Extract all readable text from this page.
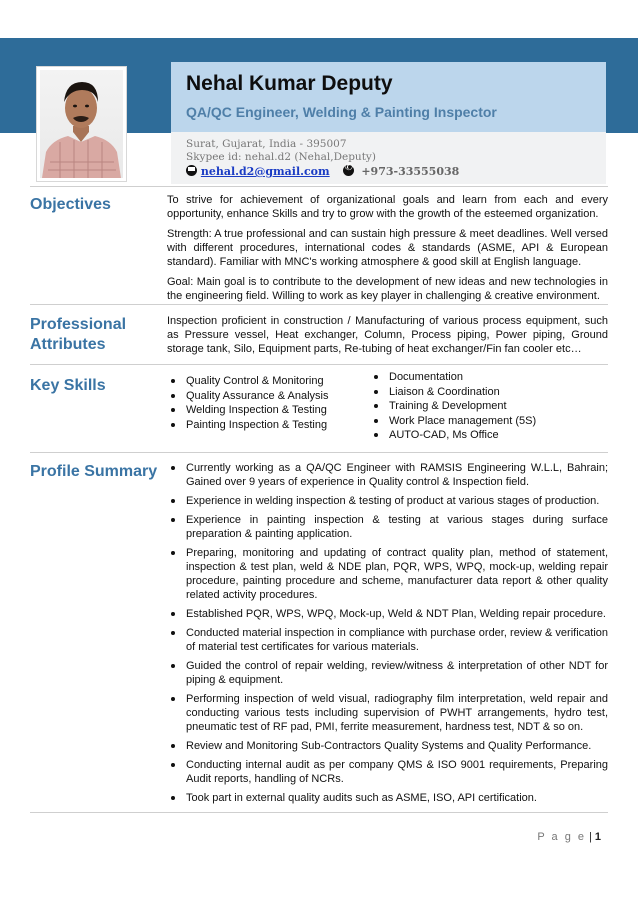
Nehal Kumar Deputy
QA/QC Engineer, Welding & Painting Inspector
Surat, Gujarat, India - 395007
Skypee id: nehal.d2 (Nehal,Deputy)
nehal.d2@gmail.com ✆	+973-33555038
Objectives	To strive for achievement of organizational goals and learn from each and every opportunity, enhance Skills and try to grow with the growth of the esteemed organization.

Strength: A true professional and can sustain high pressure & meet deadlines. Well versed with different procedures, international codes & standards (ASME, API & European standard). Familiar with MNC's working atmosphere & good skill at English language.

Goal: Main goal is to contribute to the development of new ideas and new technologies in the engineering field. Willing to work as key player in challenging & creative environment.

Professional
Attributes
Inspection proficient in construction / Manufacturing of various process equipment, such as Pressure vessel, Heat exchanger, Column, Process piping, Power piping, Ground storage tank, Silo, Equipment parts, Re-tubing of heat exchanger/Fin fan cooler etc…
Key Skills	Quality Control & Monitoring
Quality Assurance & Analysis
Welding Inspection & Testing
Painting Inspection & Testing
Documentation
Liaison & Coordination
Training & Development
Work Place management (5S)
AUTO-CAD, Ms Office
Profile Summary	Currently working as a QA/QC Engineer with RAMSIS Engineering W.L.L, Bahrain; Gained over 9 years of experience in Quality control & Inspection field.
Experience in welding inspection & testing of product at various stages of production.
Experience in painting inspection & testing at various stages during surface preparation & painting application.
Preparing, monitoring and updating of contract quality plan, method of statement, inspection & test plan, weld & NDE plan, PQR, WPS, WPQ, mock-up, welding repair procedure, painting procedure and scheme, manufacturer data report & other quality related activity procedures.
Established PQR, WPS, WPQ, Mock-up, Weld & NDT Plan, Welding repair procedure.
Conducted material inspection in compliance with purchase order, review & verification of material test certificates for various materials.
Guided the control of repair welding, review/witness & interpretation of other NDT for piping & equipment.
Performing inspection of weld visual, radiography film interpretation, weld repair and conducting various tests including supervision of PWHT arrangements, hydro test, pneumatic test of RF pad, PMI, ferrite measurement, hardness test, NDT & so on.
Review and Monitoring Sub-Contractors Quality Systems and Quality Performance.
Conducting internal audit as per company QMS & ISO 9001 requirements, Preparing Audit reports, handling of NCRs.
Took part in external quality audits such as ASME, ISO, API certification.
P a g e | 1
